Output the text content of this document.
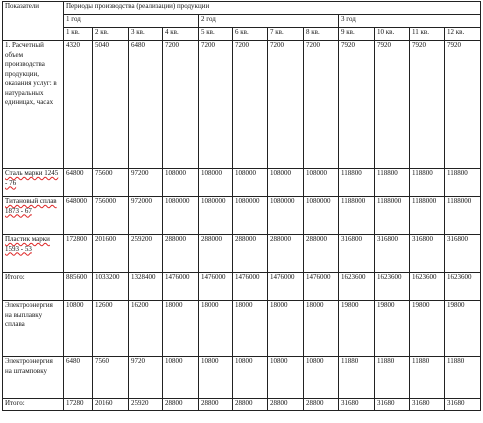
Показатели	Периоды производства (реализации) продукции											
	1 год				2 год				3 год			
	1 кв.	2 кв.	3 кв.	4 кв.	5 кв.	6 кв.	7 кв.	8 кв.	9 кв.	10 кв.	11 кв.	12 кв.
1. Расчетный объем производства продукции, оказания услуг: в натуральных единицах, часах	4320	5040	6480	7200	7200	7200	7200	7200	7920	7920	7920	7920
Сталь марки 1245 - 76	64800	75600	97200	108000	108000	108000	108000	108000	118800	118800	118800	118800
Титановый сплав 1873 - 67	648000	756000	972000	1080000	1080000	1080000	1080000	1080000	1188000	1188000	1188000	1188000
Пластик марки 1593 - 53	172800	201600	259200	288000	288000	288000	288000	288000	316800	316800	316800	316800
Итого:	885600	1033200	1328400	1476000	1476000	1476000	1476000	1476000	1623600	1623600	1623600	1623600
Электроэнергия на выплавку сплава	10800	12600	16200	18000	18000	18000	18000	18000	19800	19800	19800	19800
Электроэнергия на штамповку	6480	7560	9720	10800	10800	10800	10800	10800	11880	11880	11880	11880
Итого:	17280	20160	25920	28800	28800	28800	28800	28800	31680	31680	31680	31680
